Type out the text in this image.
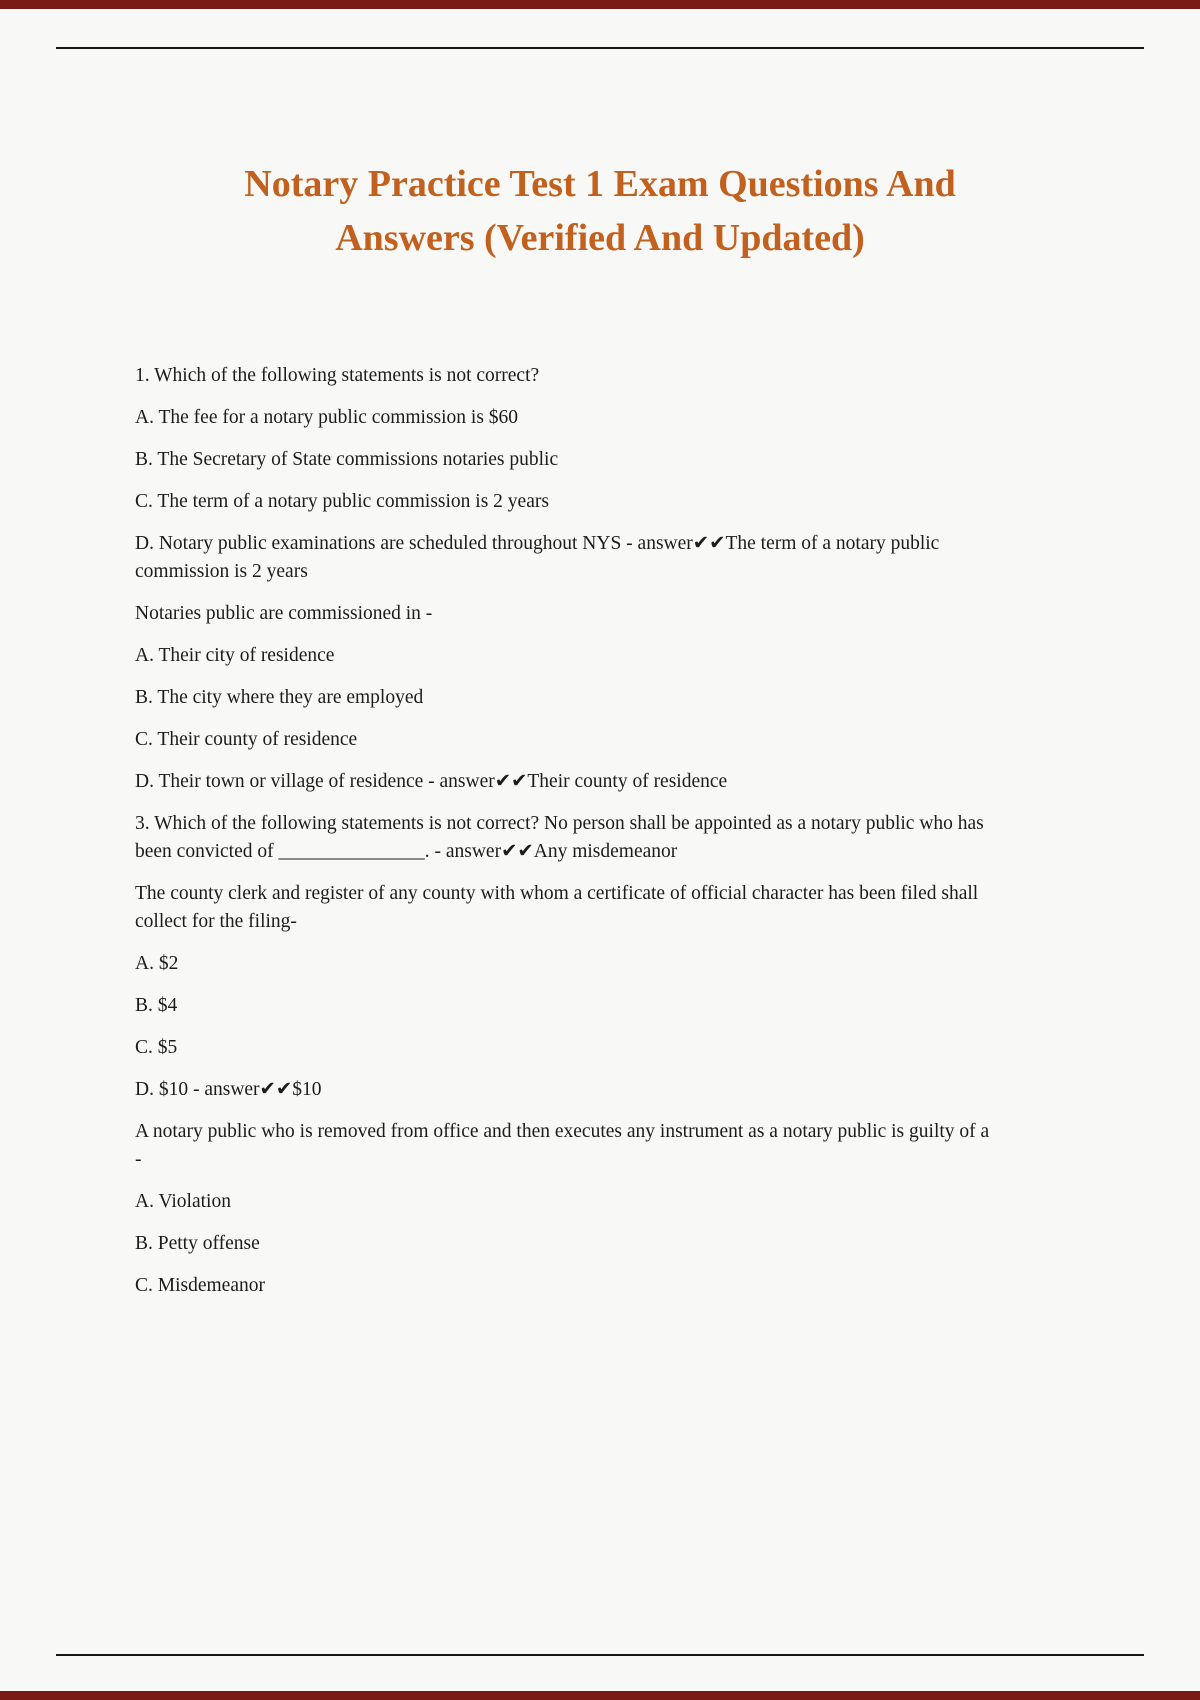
Notary Practice Test 1 Exam Questions And
Answers (Verified And Updated)

1. Which of the following statements is not correct?

A. The fee for a notary public commission is $60

B. The Secretary of State commissions notaries public

C. The term of a notary public commission is 2 years

D. Notary public examinations are scheduled throughout NYS - answer✔✔The term of a notary public commission is 2 years

Notaries public are commissioned in -

A. Their city of residence

B. The city where they are employed

C. Their county of residence

D. Their town or village of residence - answer✔✔Their county of residence

3. Which of the following statements is not correct? No person shall be appointed as a notary public who has been convicted of _______________. - answer✔✔Any misdemeanor

The county clerk and register of any county with whom a certificate of official character has been filed shall collect for the filing-

A. $2

B. $4

C. $5

D. $10 - answer✔✔$10

A notary public who is removed from office and then executes any instrument as a notary public is guilty of a -

A. Violation

B. Petty offense

C. Misdemeanor
